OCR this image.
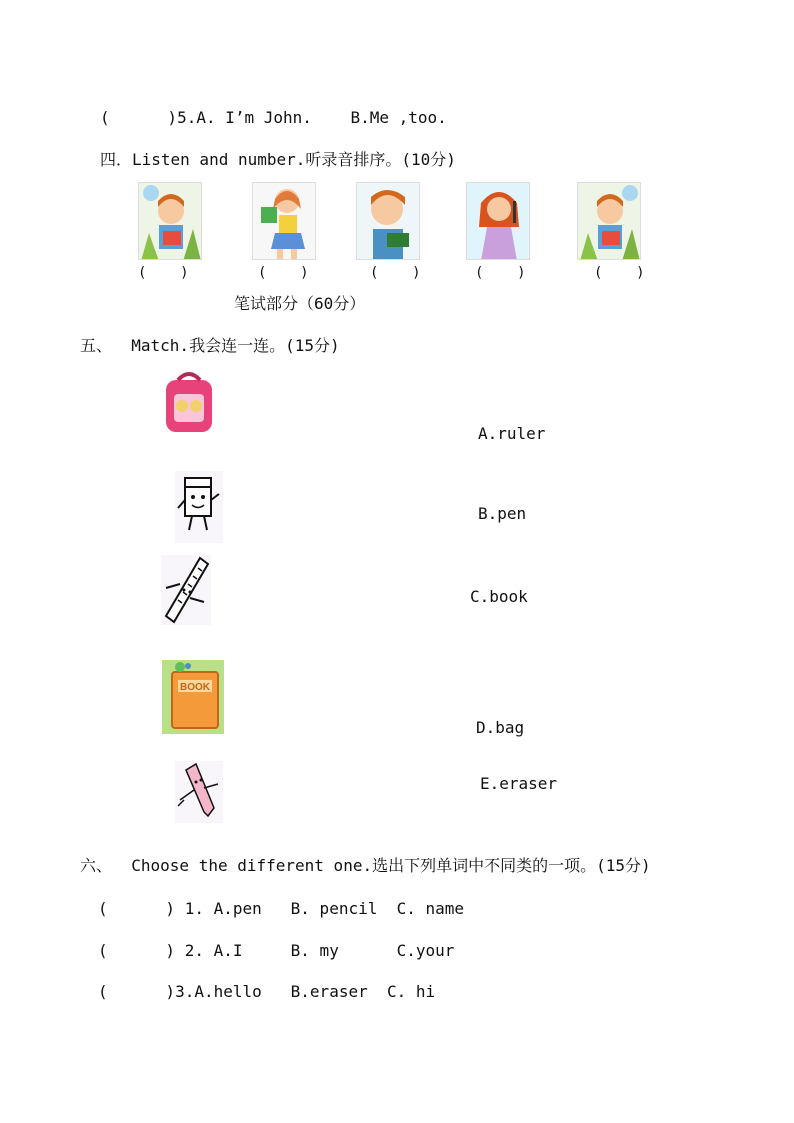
(      )5.A. I’m John.    B.Me ,too.
四．Listen and number.听录音排序。(10分)
(    )	(    )	(    )	(    )	(    )
笔试部分（60分）
五、  Match.我会连一连。(15分)
BOOK
A.ruler
B.pen
C.book
D.bag
E.eraser
六、  Choose the different one.选出下列单词中不同类的一项。(15分)
(      ) 1. A.pen   B. pencil  C. name
(      ) 2. A.I     B. my      C.your
(      )3.A.hello   B.eraser  C. hi
